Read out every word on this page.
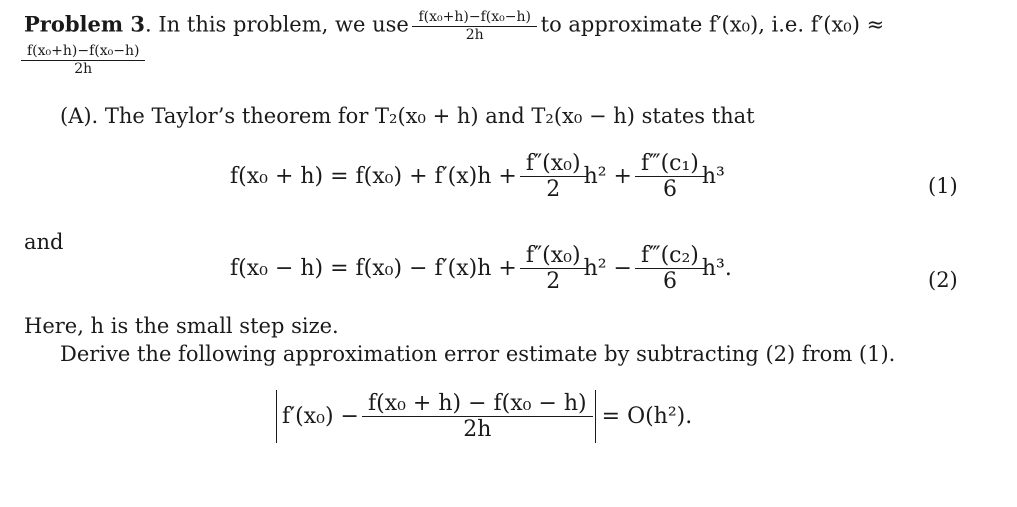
Problem 3. In this problem, we use $\frac{\text{f(x₀+h)−f(x₀−h)}}{2h}$ to approximate f′(x₀), i.e. f′(x₀) ≈
$\frac{\text{f(x₀+h)−f(x₀−h)}}{2h}$
(A). The Taylor’s theorem for T₂(x₀ + h) and T₂(x₀ − h) states that
$f(x_0 + h) = f(x_0) + f'(x)h + \frac{\text{f″(x₀)}}{2} h^2 + \frac{\text{f‴(c₁)}}{6} h^3$	(1)
and
$f(x_0 - h) = f(x_0) - f'(x)h + \frac{\text{f″(x₀)}}{2} h^2 - \frac{\text{f‴(c₂)}}{6} h^3$.	(2)
Here, h is the small step size.
Derive the following approximation error estimate by subtracting (2) from (1).
$f'(x_0) - \frac{\text{f(x₀ + h) − f(x₀ − h)}}{2h} = O(h^2)$.
